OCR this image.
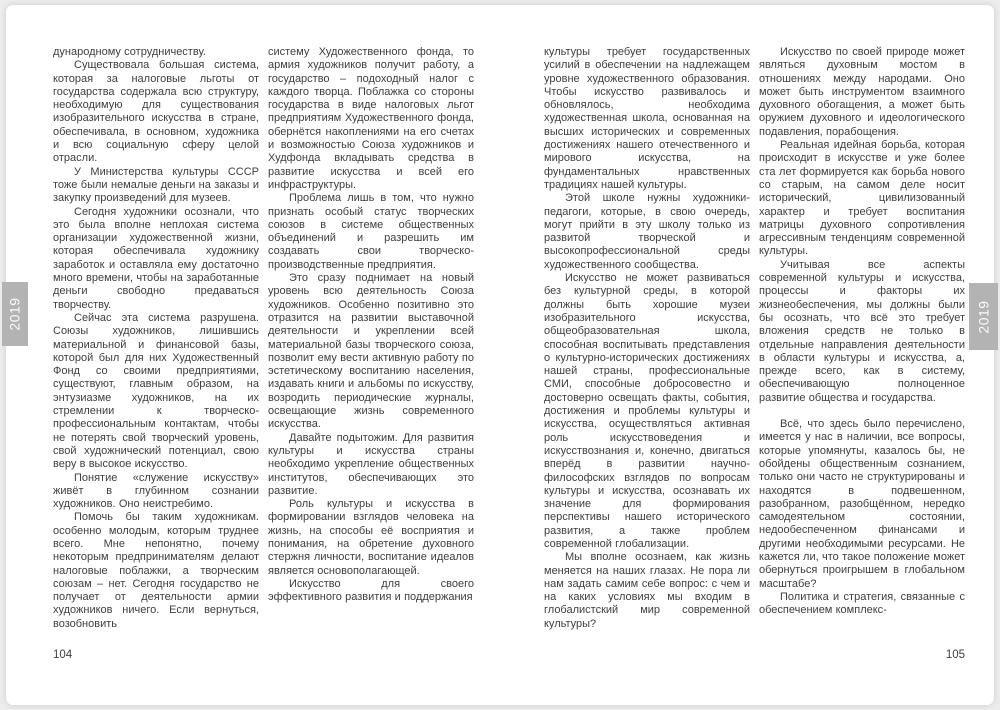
дународному сотрудничеству.

Существовала большая система, которая за налоговые льготы от государства содержала всю структуру, необходимую для существования изобразительного искусства в стране, обеспечивала, в основном, художника и всю социальную сферу целой отрасли.

У Министерства культуры СССР тоже были немалые деньги на заказы и закупку произведений для музеев.

Сегодня художники осознали, что это была вполне неплохая система организации художественной жизни, которая обеспечивала художнику заработок и оставляла ему достаточно много времени, чтобы на заработанные деньги свободно предаваться творчеству.

Сейчас эта система разрушена. Союзы художников, лишившись материальной и финансовой базы, которой был для них Художественный Фонд со своими предприятиями, существуют, главным образом, на энтузиазме художников, на их стремлении к творческо-профессиональным контактам, чтобы не потерять свой творческий уровень, свой художнический потенциал, свою веру в высокое искусство.

Понятие «служение искусству» живёт в глубинном сознании художников. Оно неистребимо.

Помочь бы таким художникам. особенно молодым, которым труднее всего. Мне непонятно, почему некоторым предпринимателям делают налоговые поблажки, а творческим союзам – нет. Сегодня государство не получает от деятельности армии художников ничего. Если вернуться, возобновить

систему Художественного фонда, то армия художников получит работу, а государство – подоходный налог с каждого творца. Поблажка со стороны государства в виде налоговых льгот предприятиям Художественного фонда, обернётся накоплениями на его счетах и возможностью Союза художников и Худфонда вкладывать средства в развитие искусства и всей его инфраструктуры.

Проблема лишь в том, что нужно признать особый статус творческих союзов в системе общественных объединений и разрешить им создавать свои творческо-производственные предприятия.

Это сразу поднимает на новый уровень всю деятельность Союза художников. Особенно позитивно это отразится на развитии выставочной деятельности и укреплении всей материальной базы творческого союза, позволит ему вести активную работу по эстетическому воспитанию населения, издавать книги и альбомы по искусству, возродить периодические журналы, освещающие жизнь современного искусства.

Давайте подытожим. Для развития культуры и искусства страны необходимо укрепление общественных институтов, обеспечивающих это развитие.

Роль культуры и искусства в формировании взглядов человека на жизнь, на способы её восприятия и понимания, на обретение духовного стержня личности, воспитание идеалов является основополагающей.

Искусство для своего эффективного развития и поддержания

культуры требует государственных усилий в обеспечении на надлежащем уровне художественного образования. Чтобы искусство развивалось и обновлялось, необходима художественная школа, основанная на высших исторических и современных достижениях нашего отечественного и мирового искусства, на фундаментальных нравственных традициях нашей культуры.

Этой школе нужны художники-педагоги, которые, в свою очередь, могут прийти в эту школу только из развитой творческой и высокопрофессиональной среды художественного сообщества.

Искусство не может развиваться без культурной среды, в которой должны быть хорошие музеи изобразительного искусства, общеобразовательная школа, способная воспитывать представления о культурно-исторических достижениях нашей страны, профессиональные СМИ, способные добросовестно и достоверно освещать факты, события, достижения и проблемы культуры и искусства, осуществляться активная роль искусствоведения и искусствознания и, конечно, двигаться вперёд в развитии научно-философских взглядов по вопросам культуры и искусства, осознавать их значение для формирования перспективы нашего исторического развития, а также проблем современной глобализации.

Мы вполне осознаем, как жизнь меняется на наших глазах. Не пора ли нам задать самим себе вопрос: с чем и на каких условиях мы входим в глобалистский мир современной культуры?

Искусство по своей природе может являться духовным мостом в отношениях между народами. Оно может быть инструментом взаимного духовного обогащения, а может быть оружием духовного и идеологического подавления, порабощения.

Реальная идейная борьба, которая происходит в искусстве и уже более ста лет формируется как борьба нового со старым, на самом деле носит исторический, цивилизованный характер и требует воспитания матрицы духовного сопротивления агрессивным тенденциям современной культуры.

Учитывая все аспекты современной культуры и искусства, процессы и факторы их жизнеобеспечения, мы должны были бы осознать, что всё это требует вложения средств не только в отдельные направления деятельности в области культуры и искусства, а, прежде всего, как в систему, обеспечивающую полноценное развитие общества и государства.

Всё, что здесь было перечислено, имеется у нас в наличии, все вопросы, которые упомянуты, казалось бы, не обойдены общественным сознанием, только они часто не структурированы и находятся в подвешенном, разобранном, разобщённом, нередко самодеятельном состоянии, недообеспеченном финансами и другими необходимыми ресурсами. Не кажется ли, что такое положение может обернуться проигрышем в глобальном масштабе?

Политика и стратегия, связанные с обеспечением комплекс-

104	105
2019	2019
